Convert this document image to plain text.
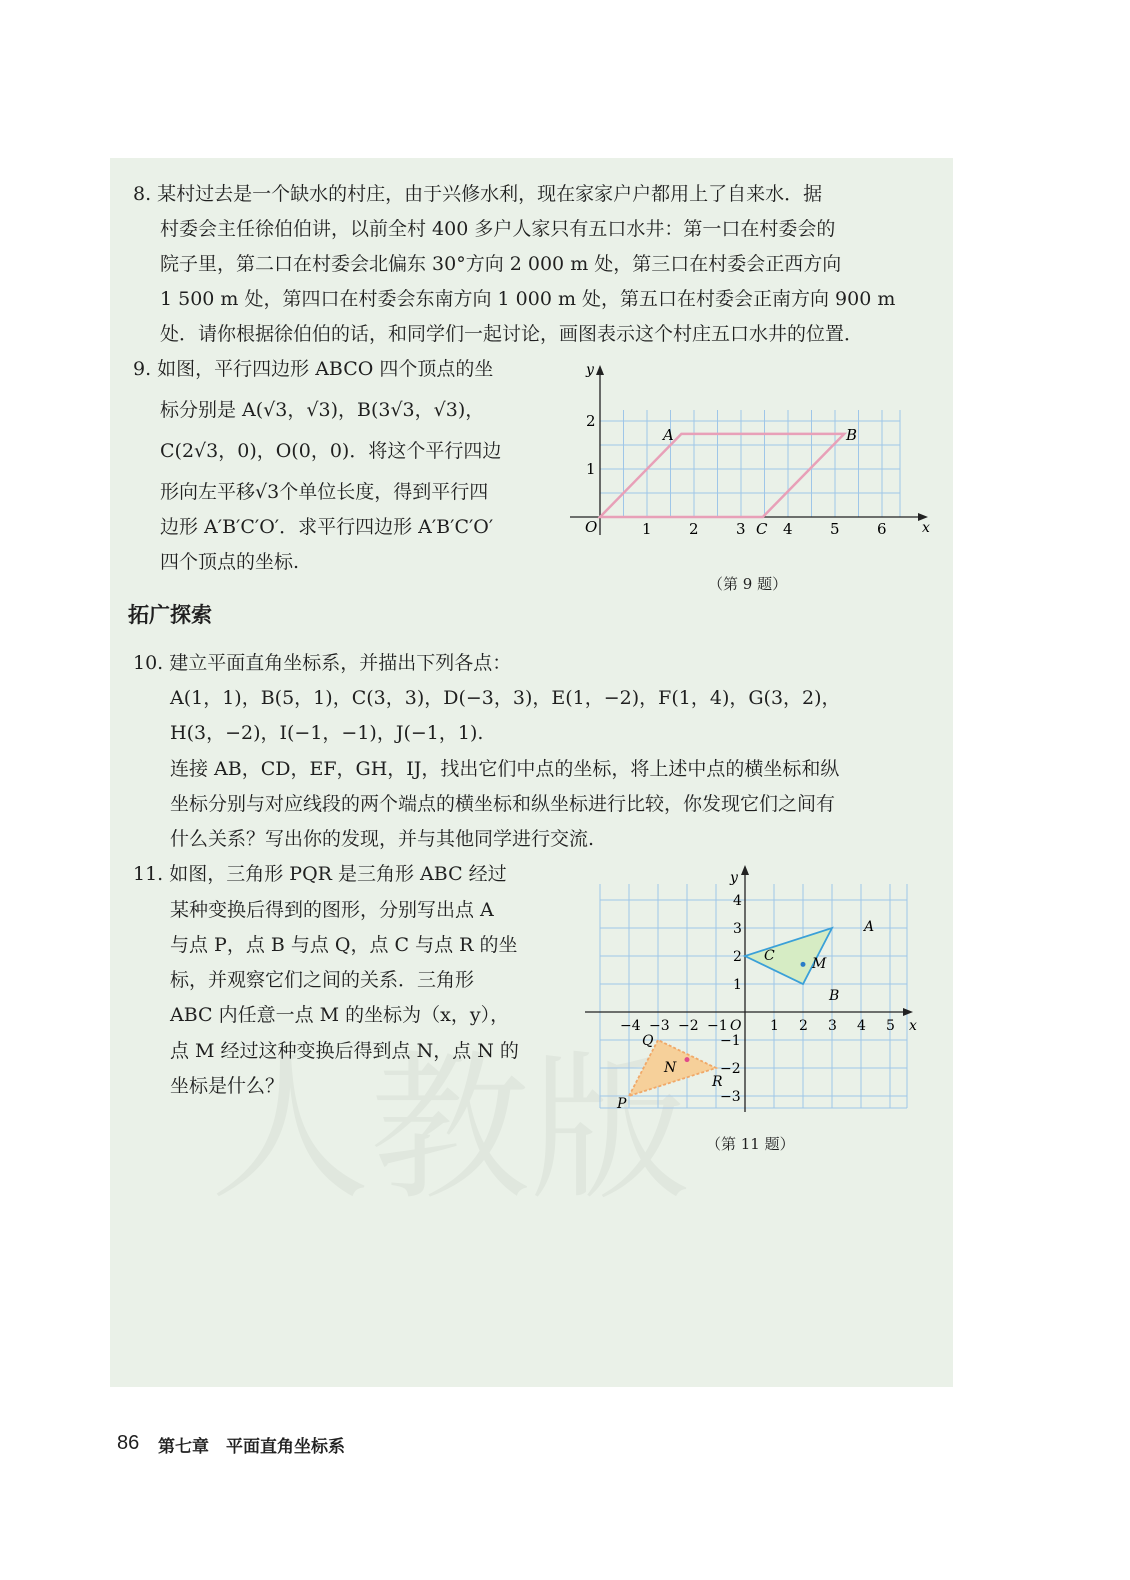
8. 某村过去是一个缺水的村庄，由于兴修水利，现在家家户户都用上了自来水．据
村委会主任徐伯伯讲，以前全村 400 多户人家只有五口水井：第一口在村委会的
院子里，第二口在村委会北偏东 30°方向 2 000 m 处，第三口在村委会正西方向
1 500 m 处，第四口在村委会东南方向 1 000 m 处，第五口在村委会正南方向 900 m
处．请你根据徐伯伯的话，和同学们一起讨论，画图表示这个村庄五口水井的位置．
9. 如图，平行四边形 ABCO 四个顶点的坐
标分别是 A(√3，√3)，B(3√3，√3)，
C(2√3，0)，O(0，0)．将这个平行四边
形向左平移√3个单位长度，得到平行四
边形 A′B′C′O′．求平行四边形 A′B′C′O′
四个顶点的坐标.
y
x
O
2
1
1 2 3 4 5 6
A	B
C
（第 9 题）
拓广探索
10. 建立平面直角坐标系，并描出下列各点：
A(1，1)，B(5，1)，C(3，3)，D(−3，3)，E(1，−2)，F(1，4)，G(3，2)，
H(3，−2)，I(−1，−1)，J(−1，1).
连接 AB，CD，EF，GH，IJ，找出它们中点的坐标，将上述中点的横坐标和纵
坐标分别与对应线段的两个端点的横坐标和纵坐标进行比较，你发现它们之间有
什么关系？写出你的发现，并与其他同学进行交流.
11. 如图，三角形 PQR 是三角形 ABC 经过
某种变换后得到的图形，分别写出点 A
与点 P，点 B 与点 Q，点 C 与点 R 的坐
标，并观察它们之间的关系．三角形
ABC 内任意一点 M 的坐标为（x，y），
点 M 经过这种变换后得到点 N，点 N 的
坐标是什么？
y
x
O
4
3
2
1
−1
−2
−3
−4 −3 −2 −1	1 2 3 4 5
A
B
C	M
P
Q
R
N
（第 11 题）
86 第七章　平面直角坐标系
